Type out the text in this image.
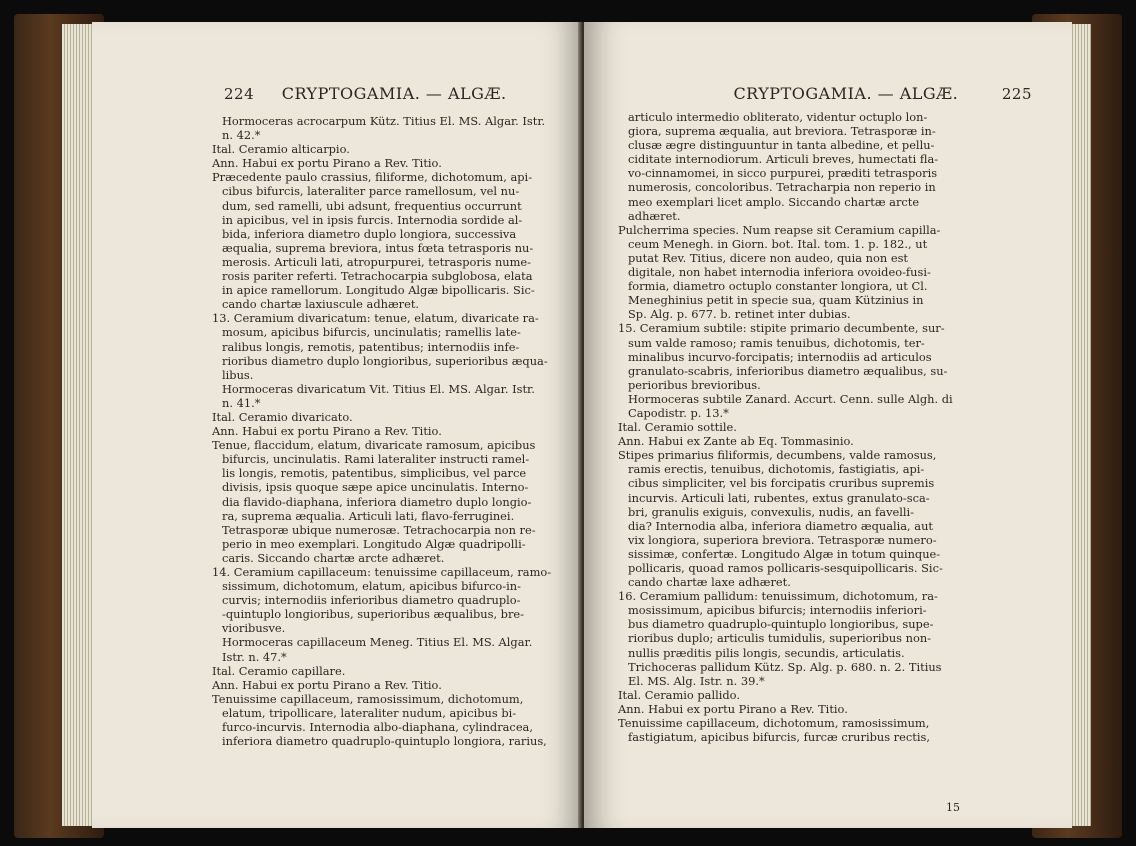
224 CRYPTOGAMIA. — ALGÆ.

Hormoceras acrocarpum Kütz. Titius El. MS. Algar. Istr.

n. 42.*

Ital. Ceramio alticarpio.

Ann. Habui ex portu Pirano a Rev. Titio.

Præcedente paulo crassius, filiforme, dichotomum, api-

cibus bifurcis, lateraliter parce ramellosum, vel nu-

dum, sed ramelli, ubi adsunt, frequentius occurrunt

in apicibus, vel in ipsis furcis. Internodia sordide al-

bida, inferiora diametro duplo longiora, successiva

æqualia, suprema breviora, intus fœta tetrasporis nu-

merosis. Articuli lati, atropurpurei, tetrasporis nume-

rosis pariter referti. Tetrachocarpia subglobosa, elata

in apice ramellorum. Longitudo Algæ bipollicaris. Sic-

cando chartæ laxiuscule adhæret.

13. Ceramium divaricatum: tenue, elatum, divaricate ra-

mosum, apicibus bifurcis, uncinulatis; ramellis late-

ralibus longis, remotis, patentibus; internodiis infe-

rioribus diametro duplo longioribus, superioribus æqua-

libus.

Hormoceras divaricatum Vit. Titius El. MS. Algar. Istr.

n. 41.*

Ital. Ceramio divaricato.

Ann. Habui ex portu Pirano a Rev. Titio.

Tenue, flaccidum, elatum, divaricate ramosum, apicibus

bifurcis, uncinulatis. Rami lateraliter instructi ramel-

lis longis, remotis, patentibus, simplicibus, vel parce

divisis, ipsis quoque sæpe apice uncinulatis. Interno-

dia flavido-diaphana, inferiora diametro duplo longio-

ra, suprema æqualia. Articuli lati, flavo-ferruginei.

Tetrasporæ ubique numerosæ. Tetrachocarpia non re-

perio in meo exemplari. Longitudo Algæ quadripolli-

caris. Siccando chartæ arcte adhæret.

14. Ceramium capillaceum: tenuissime capillaceum, ramo-

sissimum, dichotomum, elatum, apicibus bifurco-in-

curvis; internodiis inferioribus diametro quadruplo-

-quintuplo longioribus, superioribus æqualibus, bre-

vioribusve.

Hormoceras capillaceum Meneg. Titius El. MS. Algar.

Istr. n. 47.*

Ital. Ceramio capillare.

Ann. Habui ex portu Pirano a Rev. Titio.

Tenuissime capillaceum, ramosissimum, dichotomum,

elatum, tripollicare, lateraliter nudum, apicibus bi-

furco-incurvis. Internodia albo-diaphana, cylindracea,

inferiora diametro quadruplo-quintuplo longiora, rarius,

CRYPTOGAMIA. — ALGÆ.	225

articulo intermedio obliterato, videntur octuplo lon-

giora, suprema æqualia, aut breviora. Tetrasporæ in-

clusæ ægre distinguuntur in tanta albedine, et pellu-

ciditate internodiorum. Articuli breves, humectati fla-

vo-cinnamomei, in sicco purpurei, præditi tetrasporis

numerosis, concoloribus. Tetracharpia non reperio in

meo exemplari licet amplo. Siccando chartæ arcte

adhæret.

Pulcherrima species. Num reapse sit Ceramium capilla-

ceum Menegh. in Giorn. bot. Ital. tom. 1. p. 182., ut

putat Rev. Titius, dicere non audeo, quia non est

digitale, non habet internodia inferiora ovoideo-fusi-

formia, diametro octuplo constanter longiora, ut Cl.

Meneghinius petit in specie sua, quam Kützinius in

Sp. Alg. p. 677. b. retinet inter dubias.

15. Ceramium subtile: stipite primario decumbente, sur-

sum valde ramoso; ramis tenuibus, dichotomis, ter-

minalibus incurvo-forcipatis; internodiis ad articulos

granulato-scabris, inferioribus diametro æqualibus, su-

perioribus brevioribus.

Hormoceras subtile Zanard. Accurt. Cenn. sulle Algh. di

Capodistr. p. 13.*

Ital. Ceramio sottile.

Ann. Habui ex Zante ab Eq. Tommasinio.

Stipes primarius filiformis, decumbens, valde ramosus,

ramis erectis, tenuibus, dichotomis, fastigiatis, api-

cibus simpliciter, vel bis forcipatis cruribus supremis

incurvis. Articuli lati, rubentes, extus granulato-sca-

bri, granulis exiguis, convexulis, nudis, an favelli-

dia? Internodia alba, inferiora diametro æqualia, aut

vix longiora, superiora breviora. Tetrasporæ numero-

sissimæ, confertæ. Longitudo Algæ in totum quinque-

pollicaris, quoad ramos pollicaris-sesquipollicaris. Sic-

cando chartæ laxe adhæret.

16. Ceramium pallidum: tenuissimum, dichotomum, ra-

mosissimum, apicibus bifurcis; internodiis inferiori-

bus diametro quadruplo-quintuplo longioribus, supe-

rioribus duplo; articulis tumidulis, superioribus non-

nullis præditis pilis longis, secundis, articulatis.

Trichoceras pallidum Kütz. Sp. Alg. p. 680. n. 2. Titius

El. MS. Alg. Istr. n. 39.*

Ital. Ceramio pallido.

Ann. Habui ex portu Pirano a Rev. Titio.

Tenuissime capillaceum, dichotomum, ramosissimum,

fastigiatum, apicibus bifurcis, furcæ cruribus rectis,

15
